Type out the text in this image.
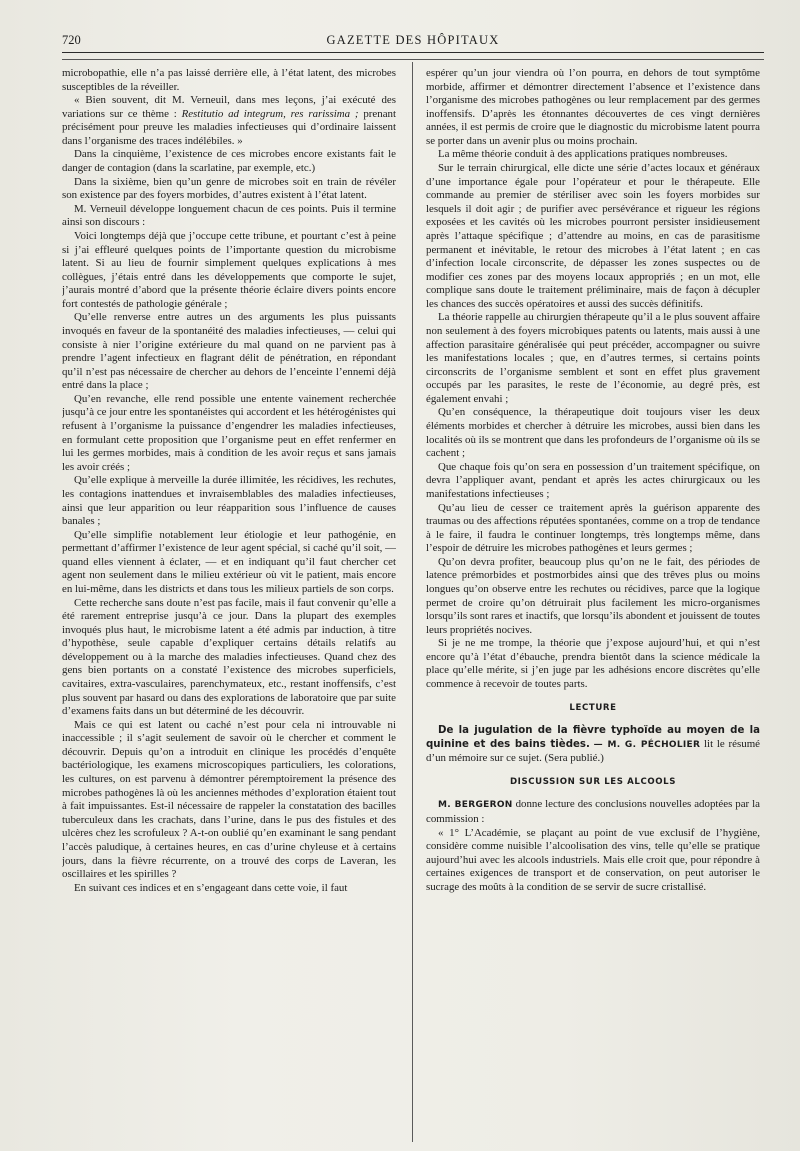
720	GAZETTE DES HÔPITAUX

microbopathie, elle n’a pas laissé derrière elle, à l’état latent, des microbes susceptibles de la réveiller.

« Bien souvent, dit M. Verneuil, dans mes leçons, j’ai exécuté des variations sur ce thème : Restitutio ad integrum, res rarissima ; prenant précisément pour preuve les maladies infectieuses qui d’ordinaire laissent dans l’organisme des traces indélébiles. »

Dans la cinquième, l’existence de ces microbes encore existants fait le danger de contagion (dans la scarlatine, par exemple, etc.)

Dans la sixième, bien qu’un genre de microbes soit en train de révéler son existence par des foyers morbides, d’autres existent à l’état latent.

M. Verneuil développe longuement chacun de ces points. Puis il termine ainsi son discours :

Voici longtemps déjà que j’occupe cette tribune, et pourtant c’est à peine si j’ai effleuré quelques points de l’importante question du microbisme latent. Si au lieu de fournir simplement quelques explications à mes collègues, j’étais entré dans les développements que comporte le sujet, j’aurais montré d’abord que la présente théorie éclaire divers points encore fort contestés de pathologie générale ;

Qu’elle renverse entre autres un des arguments les plus puissants invoqués en faveur de la spontanéité des maladies infectieuses, — celui qui consiste à nier l’origine extérieure du mal quand on ne parvient pas à prendre l’agent infectieux en flagrant délit de pénétration, en répondant qu’il n’est pas nécessaire de chercher au dehors de l’enceinte l’ennemi déjà entré dans la place ;

Qu’en revanche, elle rend possible une entente vainement recherchée jusqu’à ce jour entre les spontanéistes qui accordent et les hétérogénistes qui refusent à l’organisme la puissance d’engendrer les maladies infectieuses, en formulant cette proposition que l’organisme peut en effet renfermer en lui les germes morbides, mais à condition de les avoir reçus et sans jamais les avoir créés ;

Qu’elle explique à merveille la durée illimitée, les récidives, les rechutes, les contagions inattendues et invraisemblables des maladies infectieuses, ainsi que leur apparition ou leur réapparition sous l’influence de causes banales ;

Qu’elle simplifie notablement leur étiologie et leur pathogénie, en permettant d’affirmer l’existence de leur agent spécial, si caché qu’il soit, — quand elles viennent à éclater, — et en indiquant qu’il faut chercher cet agent non seulement dans le milieu extérieur où vit le patient, mais encore en lui-même, dans les districts et dans tous les milieux partiels de son corps.

Cette recherche sans doute n’est pas facile, mais il faut convenir qu’elle a été rarement entreprise jusqu’à ce jour. Dans la plupart des exemples invoqués plus haut, le microbisme latent a été admis par induction, à titre d’hypothèse, seule capable d’expliquer certains détails relatifs au développement ou à la marche des maladies infectieuses. Quand chez des gens bien portants on a constaté l’existence des microbes superficiels, cavitaires, extra-vasculaires, parenchymateux, etc., restant inoffensifs, c’est plus souvent par hasard ou dans des explorations de laboratoire que par suite d’examens faits dans un but déterminé de les découvrir.

Mais ce qui est latent ou caché n’est pour cela ni introuvable ni inaccessible ; il s’agit seulement de savoir où le chercher et comment le découvrir. Depuis qu’on a introduit en clinique les procédés d’enquête bactériologique, les examens microscopiques particuliers, les colorations, les cultures, on est parvenu à démontrer péremptoirement la présence des microbes pathogènes là où les anciennes méthodes d’exploration étaient tout à fait impuissantes. Est-il nécessaire de rappeler la constatation des bacilles tuberculeux dans les crachats, dans l’urine, dans le pus des fistules et des ulcères chez les scrofuleux ? A-t-on oublié qu’en examinant le sang pendant l’accès paludique, à certaines heures, en cas d’urine chyleuse et à certains jours, dans la fièvre récurrente, on a trouvé des corps de Laveran, les oscillaires et les spirilles ?

En suivant ces indices et en s’engageant dans cette voie, il faut

espérer qu’un jour viendra où l’on pourra, en dehors de tout symptôme morbide, affirmer et démontrer directement l’absence et l’existence dans l’organisme des microbes pathogènes ou leur remplacement par des germes inoffensifs. D’après les étonnantes découvertes de ces vingt dernières années, il est permis de croire que le diagnostic du microbisme latent pourra se porter dans un avenir plus ou moins prochain.

La même théorie conduit à des applications pratiques nombreuses.

Sur le terrain chirurgical, elle dicte une série d’actes locaux et généraux d’une importance égale pour l’opérateur et pour le thérapeute. Elle commande au premier de stériliser avec soin les foyers morbides sur lesquels il doit agir ; de purifier avec persévérance et rigueur les régions exposées et les cavités où les microbes pourront persister insidieusement après l’attaque spécifique ; d’attendre au moins, en cas de parasitisme permanent et inévitable, le retour des microbes à l’état latent ; en cas d’infection locale circonscrite, de dépasser les zones suspectes ou de modifier ces zones par des moyens locaux appropriés ; en un mot, elle complique sans doute le traitement préliminaire, mais de façon à décupler les chances des succès opératoires et aussi des succès définitifs.

La théorie rappelle au chirurgien thérapeute qu’il a le plus souvent affaire non seulement à des foyers microbiques patents ou latents, mais aussi à une affection parasitaire généralisée qui peut précéder, accompagner ou suivre les manifestations locales ; que, en d’autres termes, si certains points circonscrits de l’organisme semblent et sont en effet plus gravement occupés par les parasites, le reste de l’économie, au degré près, est également envahi ;

Qu’en conséquence, la thérapeutique doit toujours viser les deux éléments morbides et chercher à détruire les microbes, aussi bien dans les localités où ils se montrent que dans les profondeurs de l’organisme où ils se cachent ;

Que chaque fois qu’on sera en possession d’un traitement spécifique, on devra l’appliquer avant, pendant et après les actes chirurgicaux ou les manifestations infectieuses ;

Qu’au lieu de cesser ce traitement après la guérison apparente des traumas ou des affections réputées spontanées, comme on a trop de tendance à le faire, il faudra le continuer longtemps, très longtemps même, dans l’espoir de détruire les microbes pathogènes et leurs germes ;

Qu’on devra profiter, beaucoup plus qu’on ne le fait, des périodes de latence prémorbides et postmorbides ainsi que des trêves plus ou moins longues qu’on observe entre les rechutes ou récidives, parce que la logique permet de croire qu’on détruirait plus facilement les micro-organismes lorsqu’ils sont rares et inactifs, que lorsqu’ils abondent et jouissent de toutes leurs propriétés nocives.

Si je ne me trompe, la théorie que j’expose aujourd’hui, et qui n’est encore qu’à l’état d’ébauche, prendra bientôt dans la science médicale la place qu’elle mérite, si j’en juge par les adhésions encore discrètes qu’elle commence à recevoir de toutes parts.

LECTURE

De la jugulation de la fièvre typhoïde au moyen de la quinine et des bains tièdes. — M. G. PÉCHOLIER lit le résumé d’un mémoire sur ce sujet. (Sera publié.)

DISCUSSION SUR LES ALCOOLS

M. BERGERON donne lecture des conclusions nouvelles adoptées par la commission :

« 1° L’Académie, se plaçant au point de vue exclusif de l’hygiène, considère comme nuisible l’alcoolisation des vins, telle qu’elle se pratique aujourd’hui avec les alcools industriels. Mais elle croit que, pour répondre à certaines exigences de transport et de conservation, on peut autoriser le sucrage des moûts à la condition de se servir de sucre cristallisé.
